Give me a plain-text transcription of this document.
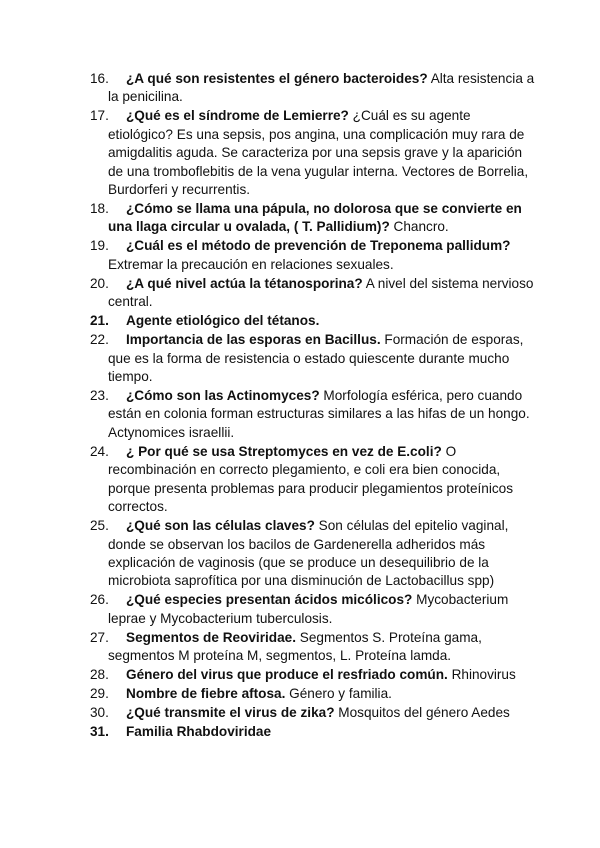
16.	¿A qué son resistentes el género bacteroides? Alta resistencia a la penicilina.
17.	¿Qué es el síndrome de Lemierre? ¿Cuál es su agente etiológico? Es una sepsis, pos angina, una complicación muy rara de amigdalitis aguda. Se caracteriza por una sepsis grave y la aparición de una tromboflebitis de la vena yugular interna. Vectores de Borrelia, Burdorferi y recurrentis.
18.	¿Cómo se llama una pápula, no dolorosa que se convierte en una llaga circular u ovalada, ( T. Pallidium)? Chancro.
19.	¿Cuál es el método de prevención de Treponema pallidum? Extremar la precaución en relaciones sexuales.
20.	¿A qué nivel actúa la tétanosporina? A nivel del sistema nervioso central.
21.	Agente etiológico del tétanos.
22.	Importancia de las esporas en Bacillus. Formación de esporas, que es la forma de resistencia o estado quiescente durante mucho tiempo.
23.	¿Cómo son las Actinomyces? Morfología esférica, pero cuando están en colonia forman estructuras similares a las hifas de un hongo. Actynomices israellii.
24.	¿ Por qué se usa Streptomyces en vez de E.coli? O recombinación en correcto plegamiento, e coli era bien conocida, porque presenta problemas para producir plegamientos proteínicos correctos.
25.	¿Qué son las células claves? Son células del epitelio vaginal, donde se observan los bacilos de Gardenerella adheridos más explicación de vaginosis (que se produce un desequilibrio de la microbiota saprofítica por una disminución de Lactobacillus spp)
26.	¿Qué especies presentan ácidos micólicos? Mycobacterium leprae y Mycobacterium tuberculosis.
27.	Segmentos de Reoviridae. Segmentos S. Proteína gama, segmentos M proteína M, segmentos, L. Proteína lamda.
28.	Género del virus que produce el resfriado común. Rhinovirus
29.	Nombre de fiebre aftosa. Género y familia.
30.	¿Qué transmite el virus de zika? Mosquitos del género Aedes
31.	Familia Rhabdoviridae
